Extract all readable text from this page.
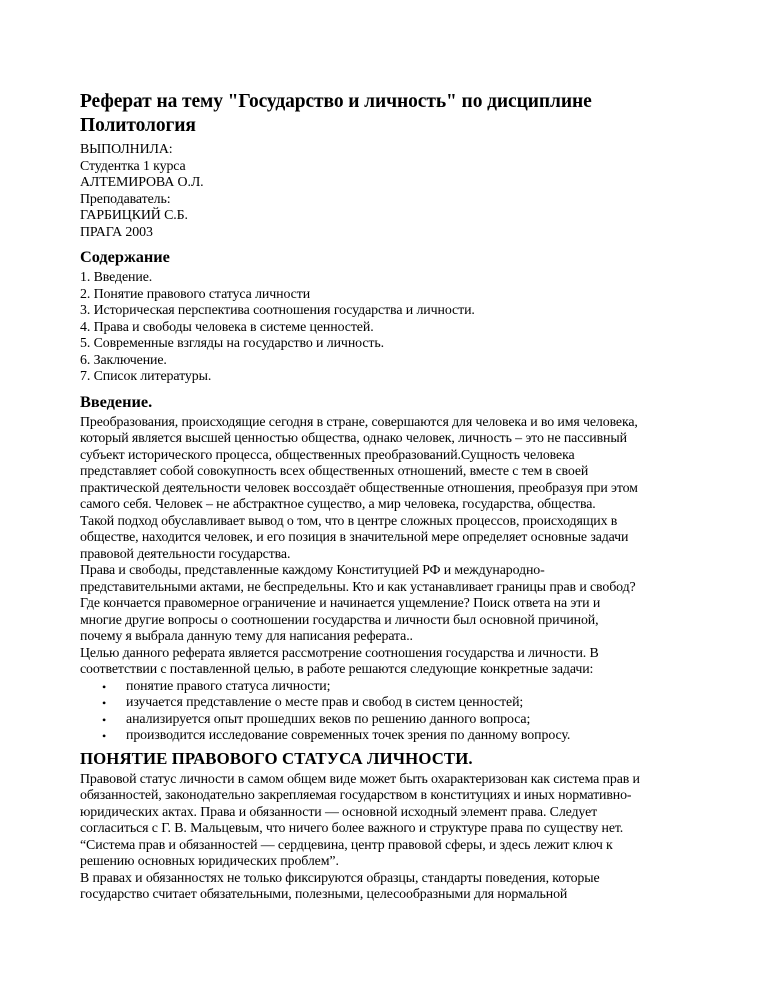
Реферат на тему "Государство и личность" по дисциплине
Политология

ВЫПОЛНИЛА:

Студентка 1 курса

АЛТЕМИРОВА О.Л.

Преподаватель:

ГАРБИЦКИЙ С.Б.

ПРАГА 2003

Содержание

1. Введение.

2. Понятие правового статуса личности

3. Историческая перспектива соотношения государства и личности.

4. Права и свободы человека в системе ценностей.

5. Современные взгляды на государство и личность.

6. Заключение.

7. Список литературы.

Введение.

Преобразования, происходящие сегодня в стране, совершаются для человека и во имя человека,

который является высшей ценностью общества, однако человек, личность – это не пассивный

субъект исторического процесса, общественных преобразований.Сущность человека

представляет собой совокупность всех общественных отношений, вместе с тем в своей

практической деятельности человек воссоздаёт общественные отношения, преобразуя при этом

самого себя. Человек – не абстрактное существо, а мир человека, государства, общества.

Такой подход обуславливает вывод о том, что в центре сложных процессов, происходящих в

обществе, находится человек, и его позиция в значительной мере определяет основные задачи

правовой деятельности государства.

Права и свободы, представленные каждому Конституцией РФ и международно-

представительными актами, не беспредельны. Кто и как устанавливает границы прав и свобод?

Где кончается правомерное ограничение и начинается ущемление? Поиск ответа на эти и

многие другие вопросы о соотношении государства и личности был основной причиной,

почему я выбрала данную тему для написания реферата..

Целью данного реферата является рассмотрение соотношения государства и личности. В

соответствии с поставленной целью, в работе решаются следующие конкретные задачи:

• понятие правого статуса личности;
• изучается представление о месте прав и свобод в систем ценностей;
• анализируется опыт прошедших веков по решению данного вопроса;
• производится исследование современных точек зрения по данному вопросу.
ПОНЯТИЕ ПРАВОВОГО СТАТУСА ЛИЧНОСТИ.

Правовой статус личности в самом общем виде может быть охарактеризован как система прав и

обязанностей, законодательно закрепляемая государством в конституциях и иных нормативно-

юридических актах. Права и обязанности — основной исходный элемент права. Следует

согласиться с Г. В. Мальцевым, что ничего более важного и структуре права по существу нет.

“Система прав и обязанностей — сердцевина, центр правовой сферы, и здесь лежит ключ к

решению основных юридических проблем”.

В правах и обязанностях не только фиксируются образцы, стандарты поведения, которые

государство считает обязательными, полезными, целесообразными для нормальной
